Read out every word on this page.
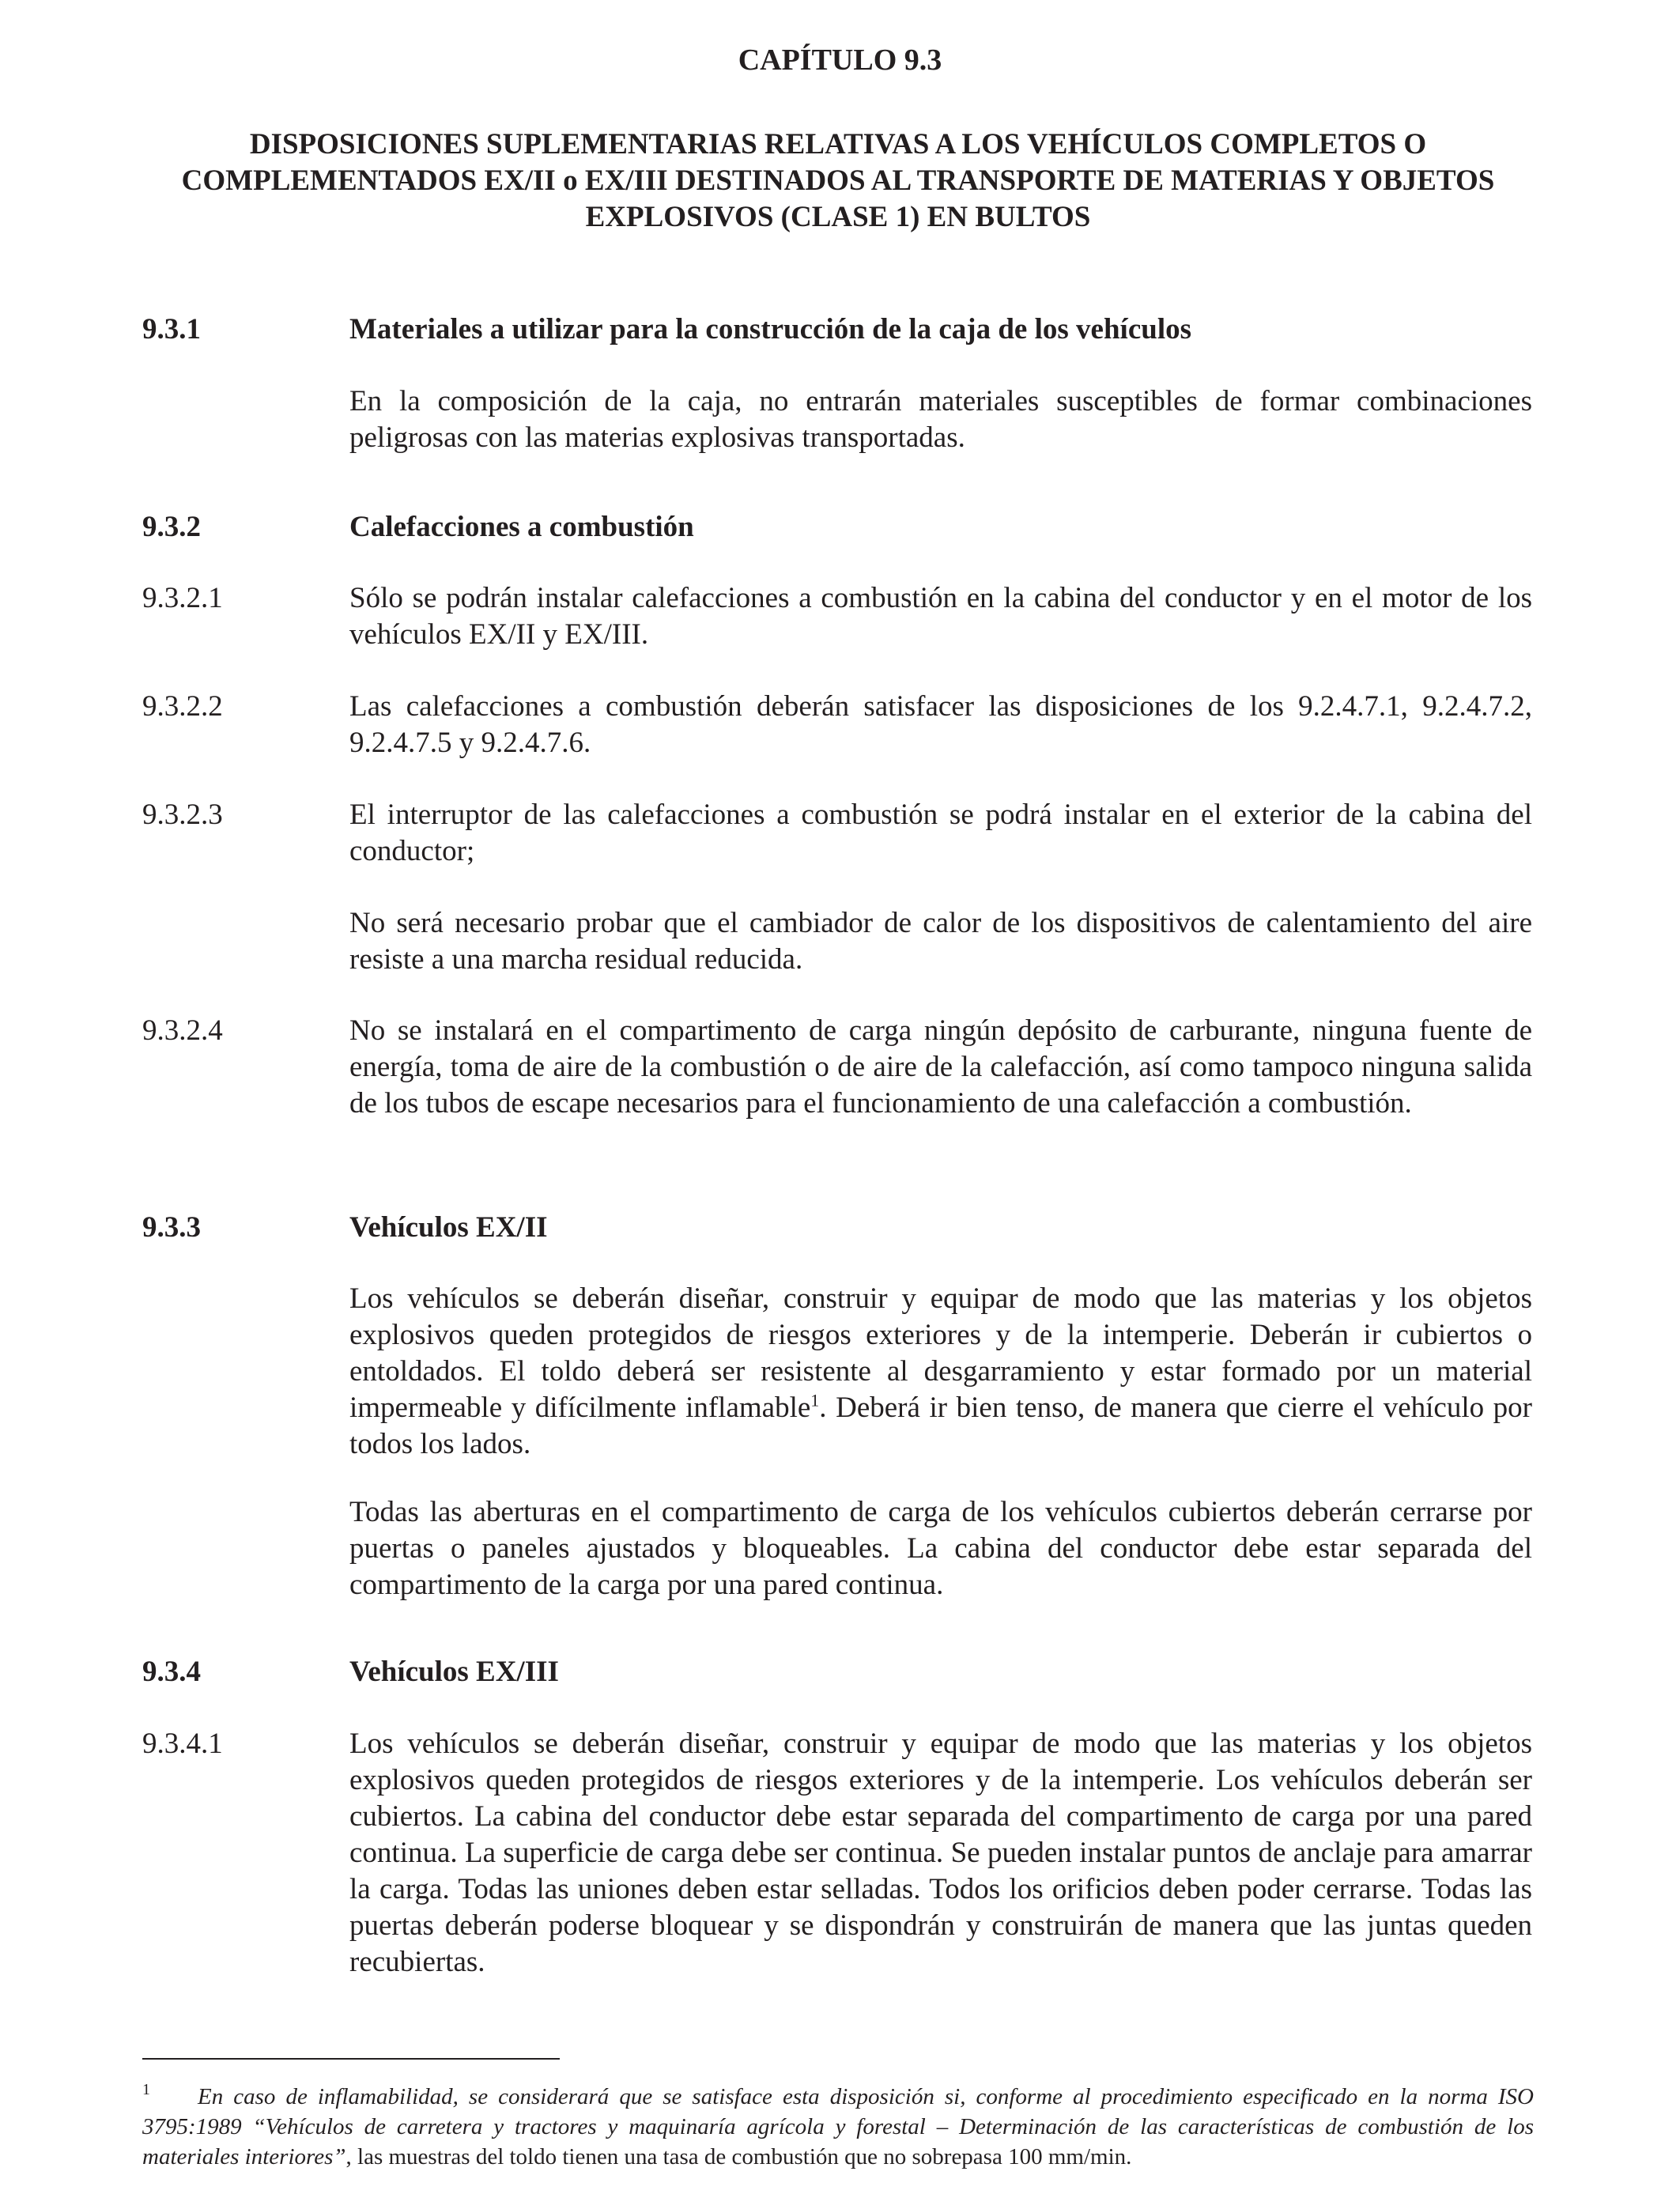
CAPÍTULO 9.3
DISPOSICIONES SUPLEMENTARIAS RELATIVAS A LOS VEHÍCULOS COMPLETOS O COMPLEMENTADOS EX/II o EX/III DESTINADOS AL TRANSPORTE DE MATERIAS Y OBJETOS EXPLOSIVOS (CLASE 1) EN BULTOS

9.3.1	Materiales a utilizar para la construcción de la caja de los vehículos

En la composición de la caja, no entrarán materiales susceptibles de formar combinaciones peligrosas con las materias explosivas transportadas.

9.3.2	Calefacciones a combustión

9.3.2.1	Sólo se podrán instalar calefacciones a combustión en la cabina del conductor y en el motor de los vehículos EX/II y EX/III.

9.3.2.2	Las calefacciones a combustión deberán satisfacer las disposiciones de los 9.2.4.7.1, 9.2.4.7.2, 9.2.4.7.5 y 9.2.4.7.6.

9.3.2.3	El interruptor de las calefacciones a combustión se podrá instalar en el exterior de la cabina del conductor;

No será necesario probar que el cambiador de calor de los dispositivos de calentamiento del aire resiste a una marcha residual reducida.

9.3.2.4	No se instalará en el compartimento de carga ningún depósito de carburante, ninguna fuente de energía, toma de aire de la combustión o de aire de la calefacción, así como tampoco ninguna salida de los tubos de escape necesarios para el funcionamiento de una calefacción a combustión.

9.3.3	Vehículos EX/II

Los vehículos se deberán diseñar, construir y equipar de modo que las materias y los objetos explosivos queden protegidos de riesgos exteriores y de la intemperie. Deberán ir cubiertos o entoldados. El toldo deberá ser resistente al desgarramiento y estar formado por un material impermeable y difícilmente inflamable$^1$. Deberá ir bien tenso, de manera que cierre el vehículo por todos los lados.

Todas las aberturas en el compartimento de carga de los vehículos cubiertos deberán cerrarse por puertas o paneles ajustados y bloqueables. La cabina del conductor debe estar separada del compartimento de la carga por una pared continua.

9.3.4	Vehículos EX/III

9.3.4.1	Los vehículos se deberán diseñar, construir y equipar de modo que las materias y los objetos explosivos queden protegidos de riesgos exteriores y de la intemperie. Los vehículos deberán ser cubiertos. La cabina del conductor debe estar separada del compartimento de carga por una pared continua. La superficie de carga debe ser continua. Se pueden instalar puntos de anclaje para amarrar la carga. Todas las uniones deben estar selladas. Todos los orificios deben poder cerrarse. Todas las puertas deberán poderse bloquear y se dispondrán y construirán de manera que las juntas queden recubiertas.

$^1$ En caso de inflamabilidad, se considerará que se satisface esta disposición si, conforme al procedimiento especificado en la norma ISO 3795:1989 “Vehículos de carretera y tractores y maquinaría agrícola y forestal – Determinación de las características de combustión de los materiales interiores”, las muestras del toldo tienen una tasa de combustión que no sobrepasa 100 mm/min.
